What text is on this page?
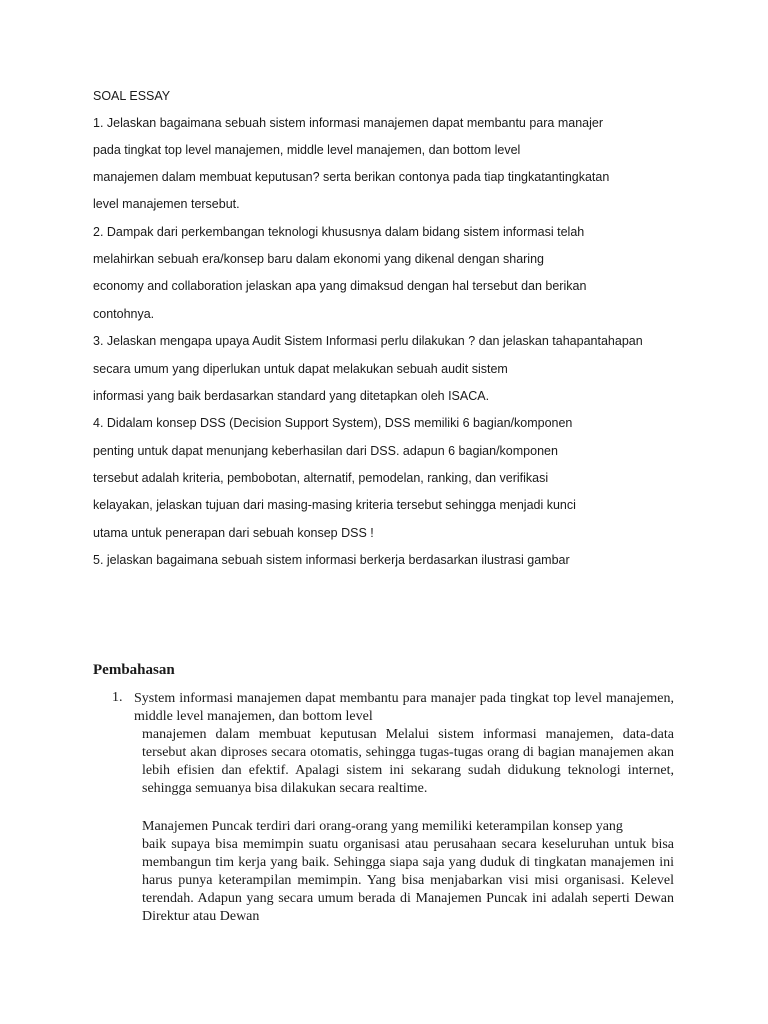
SOAL ESSAY
1. Jelaskan bagaimana sebuah sistem informasi manajemen dapat membantu para manajer
pada tingkat top level manajemen, middle level manajemen, dan bottom level
manajemen dalam membuat keputusan? serta berikan contonya pada tiap tingkatantingkatan
level manajemen tersebut.
2. Dampak dari perkembangan teknologi khususnya dalam bidang sistem informasi telah
melahirkan sebuah era/konsep baru dalam ekonomi yang dikenal dengan sharing
economy and collaboration jelaskan apa yang dimaksud dengan hal tersebut dan berikan
contohnya.
3. Jelaskan mengapa upaya Audit Sistem Informasi perlu dilakukan ? dan jelaskan tahapantahapan
secara umum yang diperlukan untuk dapat melakukan sebuah audit sistem
informasi yang baik berdasarkan standard yang ditetapkan oleh ISACA.
4. Didalam konsep DSS (Decision Support System), DSS memiliki 6 bagian/komponen
penting untuk dapat menunjang keberhasilan dari DSS. adapun 6 bagian/komponen
tersebut adalah kriteria, pembobotan, alternatif, pemodelan, ranking, dan verifikasi
kelayakan, jelaskan tujuan dari masing-masing kriteria tersebut sehingga menjadi kunci
utama untuk penerapan dari sebuah konsep DSS !
5. jelaskan bagaimana sebuah sistem informasi berkerja berdasarkan ilustrasi gambar
Pembahasan
1. System informasi manajemen dapat membantu para manajer pada tingkat top level manajemen, middle level manajemen, dan bottom level
manajemen dalam membuat keputusan Melalui sistem informasi manajemen, data-data tersebut akan diproses secara otomatis, sehingga tugas-tugas orang di bagian manajemen akan lebih efisien dan efektif. Apalagi sistem ini sekarang sudah didukung teknologi internet, sehingga semuanya bisa dilakukan secara realtime.
Manajemen Puncak terdiri dari orang-orang yang memiliki keterampilan konsep yang
baik supaya bisa memimpin suatu organisasi atau perusahaan secara keseluruhan untuk bisa membangun tim kerja yang baik. Sehingga siapa saja yang duduk di tingkatan manajemen ini harus punya keterampilan memimpin. Yang bisa menjabarkan visi misi organisasi. Kelevel terendah. Adapun yang secara umum berada di Manajemen Puncak ini adalah seperti Dewan Direktur atau Dewan
